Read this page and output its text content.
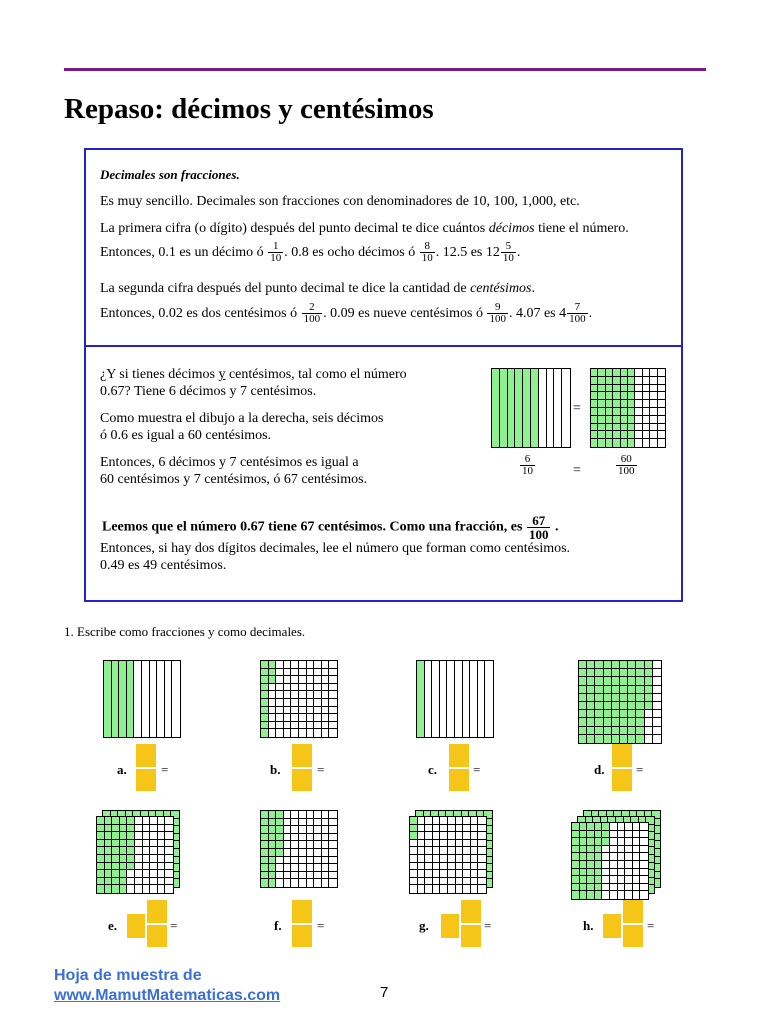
Repaso: décimos y centésimos
Decimales son fracciones.
Es muy sencillo. Decimales son fracciones con denominadores de 10, 100, 1,000, etc.
La primera cifra (o dígito) después del punto decimal te dice cuántos décimos tiene el número.
Entonces, 0.1 es un décimo ó $\frac{1}{10}$ . 0.8 es ocho décimos ó $\frac{8}{10}$ . 12.5 es $12 \frac{5}{10}$ .
La segunda cifra después del punto decimal te dice la cantidad de centésimos.
Entonces, 0.02 es dos centésimos ó $\frac{2}{100}$ . 0.09 es nueve centésimos ó $\frac{9}{100}$ . 4.07 es $4 \frac{7}{100}$ .
¿Y si tienes décimos y centésimos, tal como el número
0.67? Tiene 6 décimos y 7 centésimos.
Como muestra el dibujo a la derecha, seis décimos
ó 0.6 es igual a 60 centésimos.
Entonces, 6 décimos y 7 centésimos es igual a
60 centésimos y 7 centésimos, ó 67 centésimos.
=
$\frac{6}{10}$	=	$\frac{60}{100}$
Leemos que el número 0.67 tiene 67 centésimos. Como una fracción, es $\frac{67}{100}$ .
Entonces, si hay dos dígitos decimales, lee el número que forman como centésimos.
0.49 es 49 centésimos.
1. Escribe como fracciones y como decimales.
a.	=	b.	=	c.	=	d. =
e.	=	f.	=	g.	=	h.	=
Hoja de muestra de
www.MamutMatematicas.com	7
